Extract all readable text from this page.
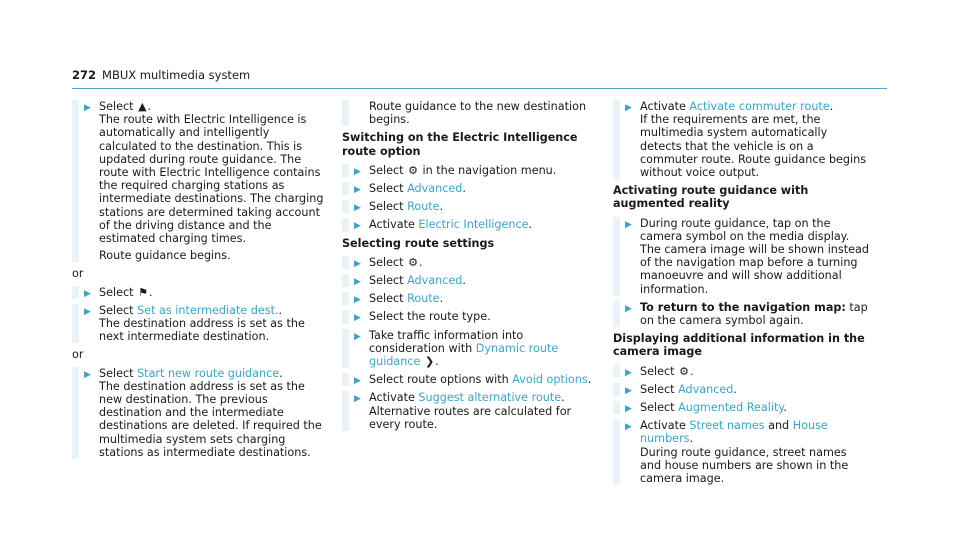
272 MBUX multimedia system
▶ Select ▲.
The route with Electric Intelligence is automatically and intelligently calculated to the destination. This is updated during route guidance. The route with Electric Intelligence contains the required charging stations as intermediate destinations. The charging stations are determined taking account of the driving distance and the estimated charging times.
Route guidance begins.
or
▶ Select ⚑.
▶ Select Set as intermediate dest..
The destination address is set as the next intermediate destination.
or
▶ Select Start new route guidance.
The destination address is set as the new destination. The previous destination and the intermediate destinations are deleted. If required the multimedia system sets charging stations as intermediate destinations.
Route guidance to the new destination begins.
Switching on the Electric Intelligence route option
▶ Select ⚙ in the navigation menu.
▶ Select Advanced.
▶ Select Route.
▶ Activate Electric Intelligence.
Selecting route settings
▶ Select ⚙.
▶ Select Advanced.
▶ Select Route.
▶ Select the route type.
▶ Take traffic information into consideration with Dynamic route guidance ❯.
▶ Select route options with Avoid options.
▶ Activate Suggest alternative route.
Alternative routes are calculated for every route.
▶ Activate Activate commuter route.
If the requirements are met, the multimedia system automatically detects that the vehicle is on a commuter route. Route guidance begins without voice output.
Activating route guidance with augmented reality
▶ During route guidance, tap on the camera symbol on the media display.
The camera image will be shown instead of the navigation map before a turning manoeuvre and will show additional information.
▶ To return to the navigation map: tap on the camera symbol again.
Displaying additional information in the camera image
▶ Select ⚙.
▶ Select Advanced.
▶ Select Augmented Reality.
▶ Activate Street names and House numbers.
During route guidance, street names and house numbers are shown in the camera image.
